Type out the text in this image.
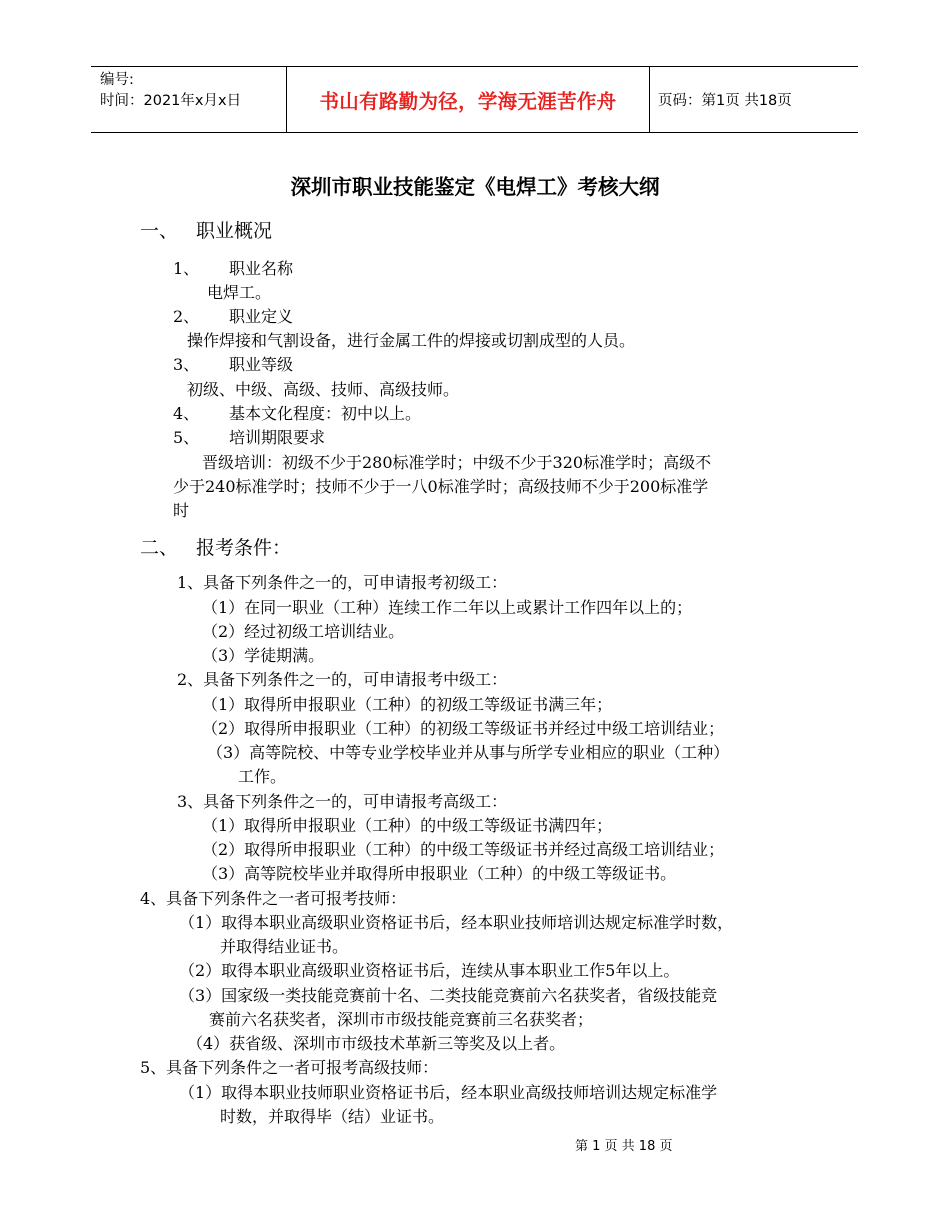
编号:
时间：2021年x月x日	书山有路勤为径，学海无涯苦作舟	页码：第1页 共18页
深圳市职业技能鉴定《电焊工》考核大纲
一、 职业概况
1、 职业名称
电焊工。
2、 职业定义
操作焊接和气割设备，进行金属工件的焊接或切割成型的人员。
3、 职业等级
初级、中级、高级、技师、高级技师。
4、 基本文化程度：初中以上。
5、 培训期限要求
晋级培训：初级不少于280标准学时；中级不少于320标准学时；高级不
少于240标准学时；技师不少于一八0标准学时；高级技师不少于200标准学
时
二、 报考条件：
1、具备下列条件之一的，可申请报考初级工：
（1）在同一职业（工种）连续工作二年以上或累计工作四年以上的；
（2）经过初级工培训结业。
（3）学徒期满。
2、具备下列条件之一的，可申请报考中级工：
（1）取得所申报职业（工种）的初级工等级证书满三年；
（2）取得所申报职业（工种）的初级工等级证书并经过中级工培训结业；
（3）高等院校、中等专业学校毕业并从事与所学专业相应的职业（工种）
工作。
3、具备下列条件之一的，可申请报考高级工：
（1）取得所申报职业（工种）的中级工等级证书满四年；
（2）取得所申报职业（工种）的中级工等级证书并经过高级工培训结业；
（3）高等院校毕业并取得所申报职业（工种）的中级工等级证书。
4、具备下列条件之一者可报考技师：
（1）取得本职业高级职业资格证书后，经本职业技师培训达规定标准学时数，
并取得结业证书。
（2）取得本职业高级职业资格证书后，连续从事本职业工作5年以上。
（3）国家级一类技能竞赛前十名、二类技能竞赛前六名获奖者，省级技能竞
赛前六名获奖者，深圳市市级技能竞赛前三名获奖者；
（4）获省级、深圳市市级技术革新三等奖及以上者。
5、具备下列条件之一者可报考高级技师：
（1）取得本职业技师职业资格证书后，经本职业高级技师培训达规定标准学
时数，并取得毕（结）业证书。
第 1 页 共 18 页
